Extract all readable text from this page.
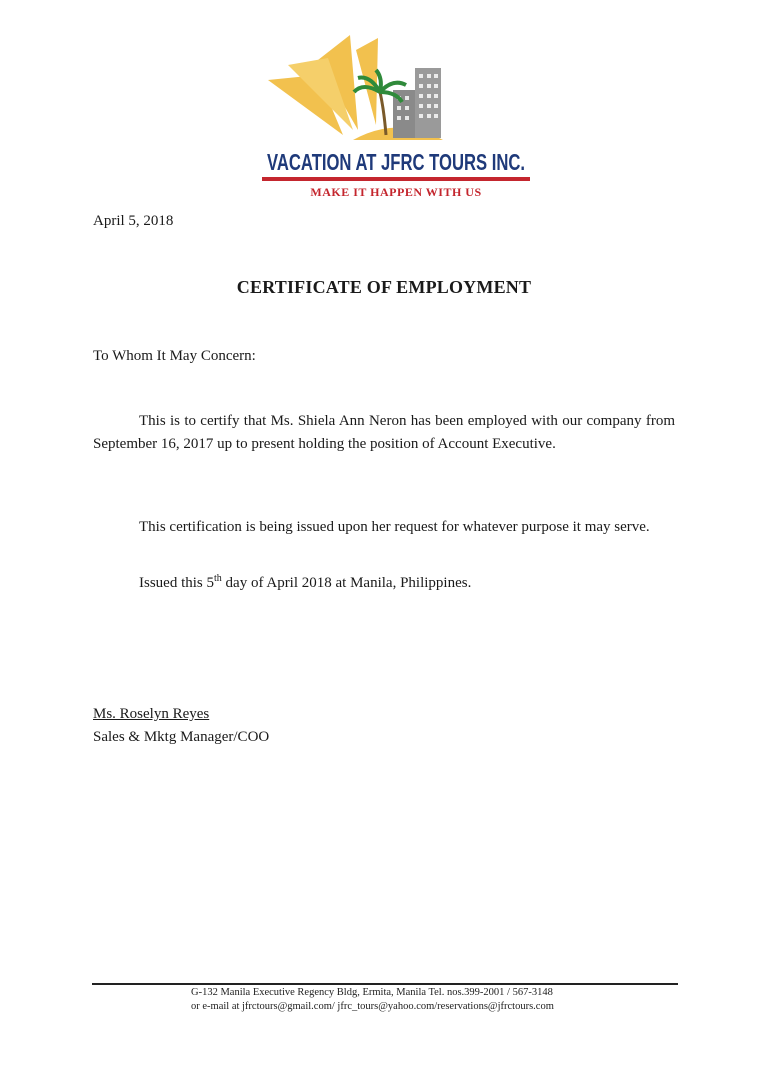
VACATION AT JFRC TOURS INC.
MAKE IT HAPPEN WITH US
April 5, 2018
CERTIFICATE OF EMPLOYMENT
To Whom It May Concern:
This is to certify that Ms. Shiela Ann Neron has been employed with our company from September 16, 2017 up to present holding the position of Account Executive.
This certification is being issued upon her request for whatever purpose it may serve.
Issued this 5th day of April 2018 at Manila, Philippines.
Ms. Roselyn Reyes
Sales & Mktg Manager/COO
G-132 Manila Executive Regency Bldg, Ermita, Manila Tel. nos.399-2001 / 567-3148
or e-mail at jfrctours@gmail.com/ jfrc_tours@yahoo.com/reservations@jfrctours.com
